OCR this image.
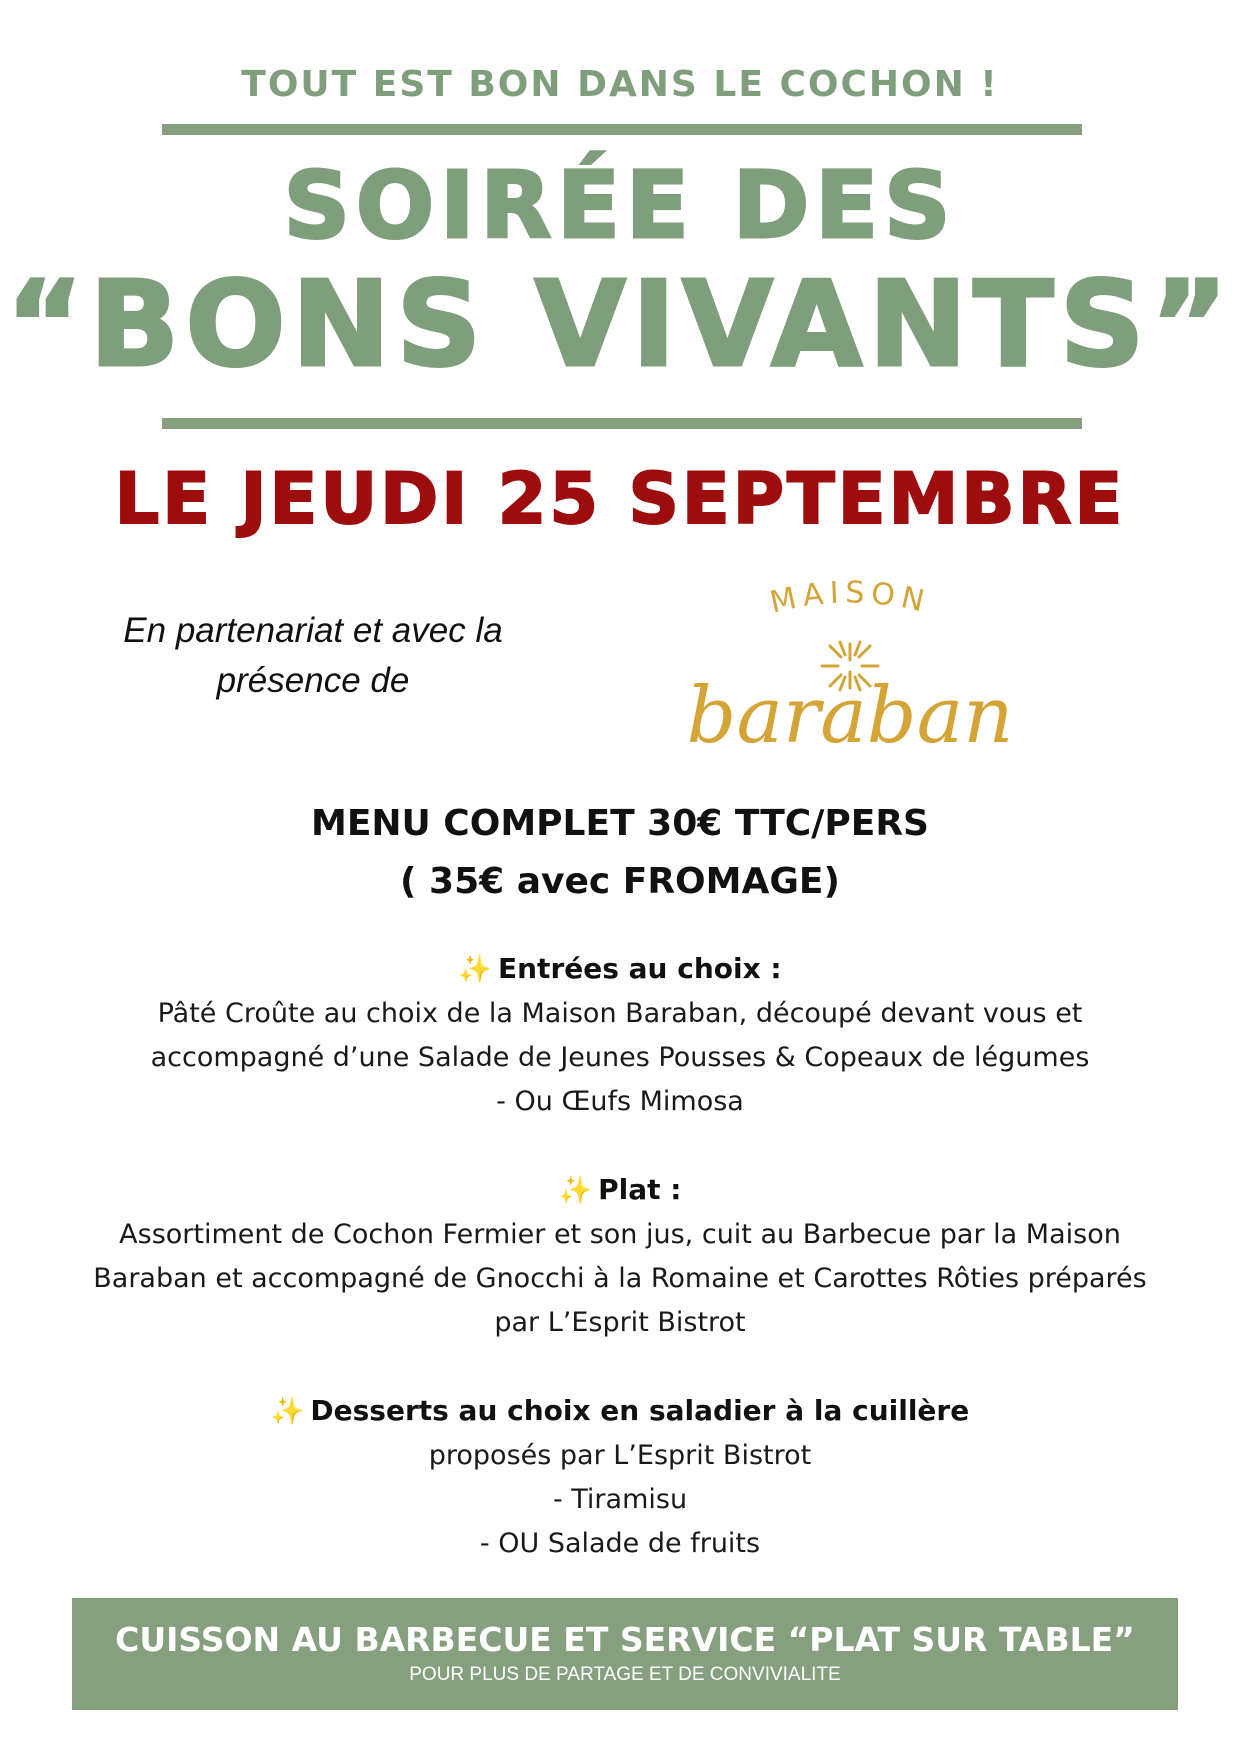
TOUT EST BON DANS LE COCHON !
SOIRÉE DES
“BONS VIVANTS”
LE JEUDI 25 SEPTEMBRE
En partenariat et avec la
présence de
MAISON
baraban
MENU COMPLET 30€ TTC/PERS
( 35€ avec FROMAGE)
✨ Entrées au choix :
Pâté Croûte au choix de la Maison Baraban, découpé devant vous et
accompagné d’une Salade de Jeunes Pousses & Copeaux de légumes
- Ou Œufs Mimosa
✨ Plat :
Assortiment de Cochon Fermier et son jus, cuit au Barbecue par la Maison
Baraban et accompagné de Gnocchi à la Romaine et Carottes Rôties préparés
par L’Esprit Bistrot
✨ Desserts au choix en saladier à la cuillère
proposés par L’Esprit Bistrot
- Tiramisu
- OU Salade de fruits
CUISSON AU BARBECUE ET SERVICE “PLAT SUR TABLE”
POUR PLUS DE PARTAGE ET DE CONVIVIALITE
